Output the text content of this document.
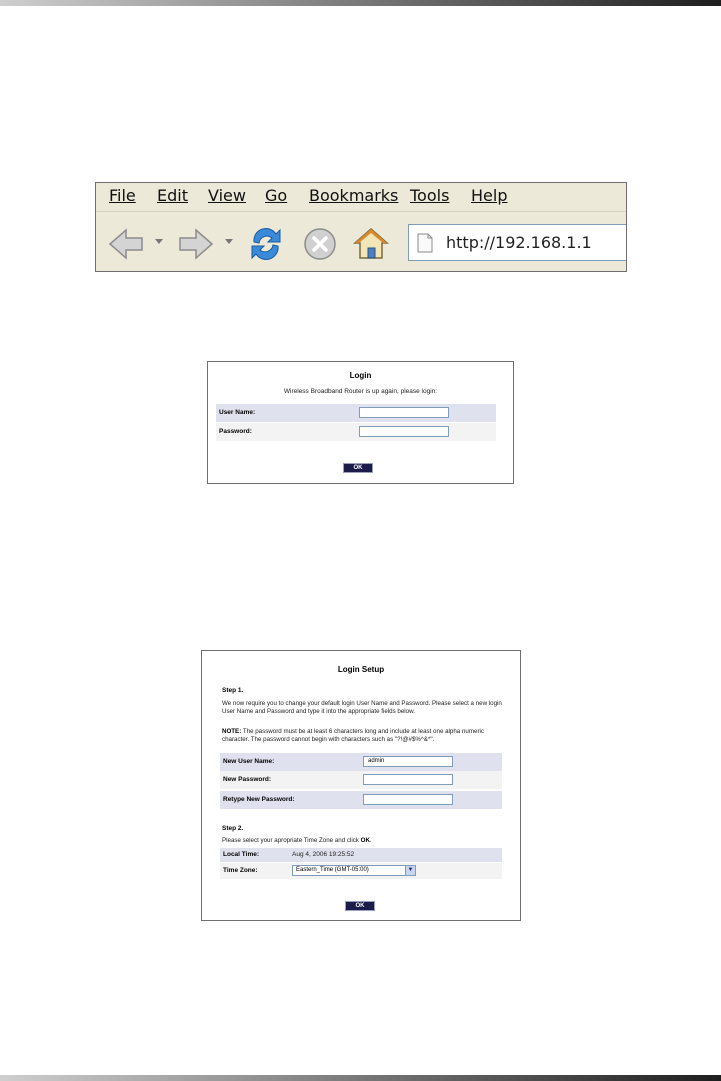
File Edit View Go Bookmarks Tools Help
http://192.168.1.1
Login
Wireless Broadband Router is up again, please login:
User Name:
Password:
OK
Login Setup
Step 1.
We now require you to change your default login User Name and Password. Please select a new login User Name and Password and type it into the appropriate fields below.
NOTE: The password must be at least 6 characters long and include at least one alpha numeric character. The password cannot begin with characters such as "?!@#$%^&*".
New User Name:	admin
New Password:
Retype New Password:
Step 2.
Please select your apropriate Time Zone and click OK.
Local Time:	Aug 4, 2006 19:25:52
Time Zone:	Eastern_Time (GMT-05:00)	▼
OK
